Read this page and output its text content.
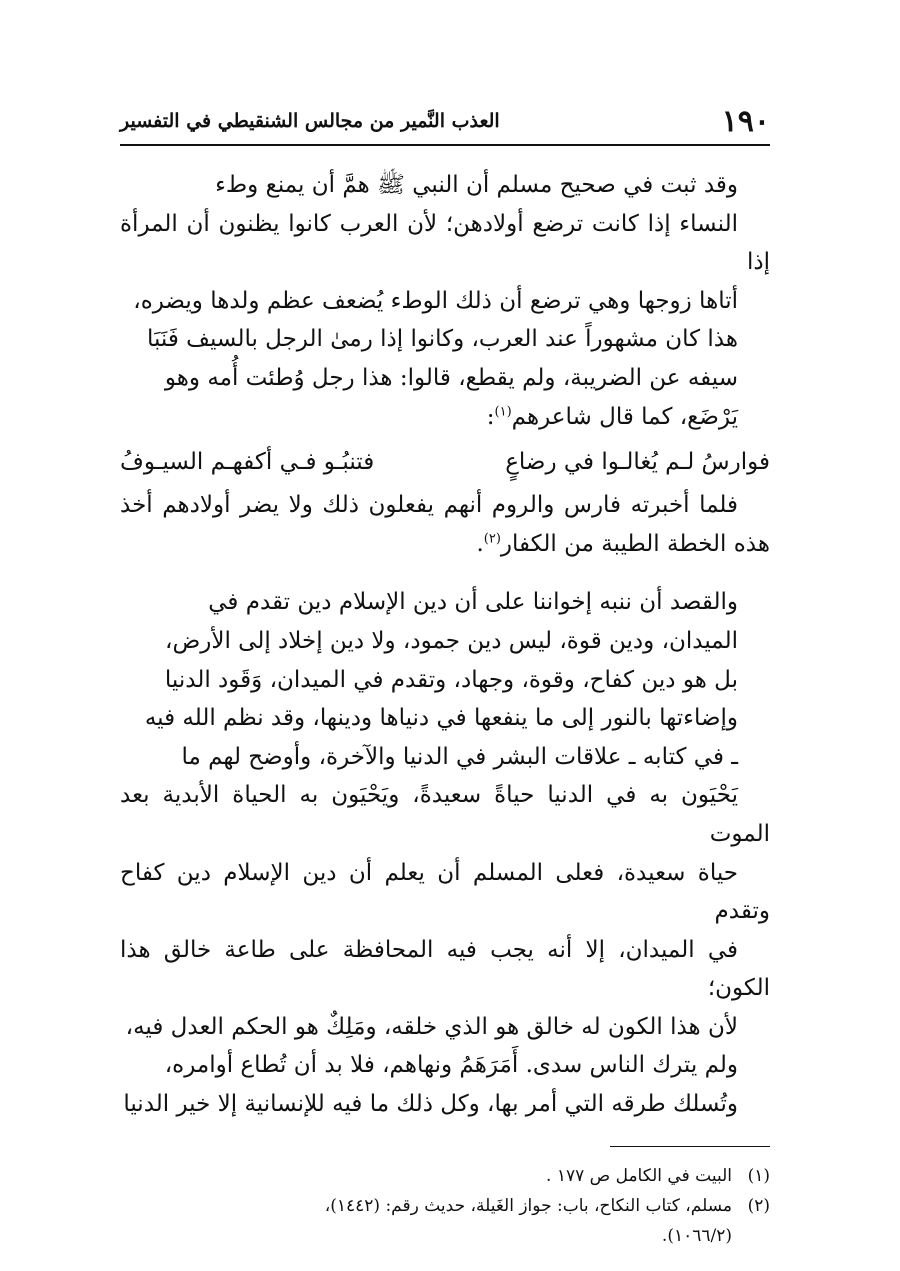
١٩٠
العذب النَّمير من مجالس الشنقيطي في التفسير

وقد ثبت في صحيح مسلم أن النبي ﷺ همَّ أن يمنع وطء
النساء إذا كانت ترضع أولادهن؛ لأن العرب كانوا يظنون أن المرأة إذا
أتاها زوجها وهي ترضع أن ذلك الوطء يُضعف عظم ولدها ويضره،
هذا كان مشهوراً عند العرب، وكانوا إذا رمىٰ الرجل بالسيف فَنَبَا
سيفه عن الضريبة، ولم يقطع، قالوا: هذا رجل وُطئت أُمه وهو
يَرْضَع، كما قال شاعرهم$^{(١)}$:

فوارسُ لـم يُغالـوا في رضاعٍ
فتنبُـو فـي أكفهـم السيـوفُ

فلما أخبرته فارس والروم أنهم يفعلون ذلك ولا يضر أولادهم أخذ هذه الخطة الطيبة من الكفار$^{(٢)}$.

والقصد أن ننبه إخواننا على أن دين الإسلام دين تقدم في
الميدان، ودين قوة، ليس دين جمود، ولا دين إخلاد إلى الأرض،
بل هو دين كفاح، وقوة، وجهاد، وتقدم في الميدان، وَقَود الدنيا
وإضاءتها بالنور إلى ما ينفعها في دنياها ودينها، وقد نظم الله فيه
ـ في كتابه ـ علاقات البشر في الدنيا والآخرة، وأوضح لهم ما
يَحْيَون به في الدنيا حياةً سعيدةً، ويَحْيَون به الحياة الأبدية بعد الموت
حياة سعيدة، فعلى المسلم أن يعلم أن دين الإسلام دين كفاح وتقدم
في الميدان، إلا أنه يجب فيه المحافظة على طاعة خالق هذا الكون؛
لأن هذا الكون له خالق هو الذي خلقه، ومَلِكٌ هو الحكم العدل فيه،
ولم يترك الناس سدى. أَمَرَهَمُ ونهاهم، فلا بد أن تُطاع أوامره،
وتُسلك طرقه التي أمر بها، وكل ذلك ما فيه للإنسانية إلا خير الدنيا

(١)
البيت في الكامل ص ١٧٧ .
(٢)
مسلم، كتاب النكاح، باب: جواز الغَيلة، حديث رقم: (١٤٤٢)،
(١٠٦٦/٢).
